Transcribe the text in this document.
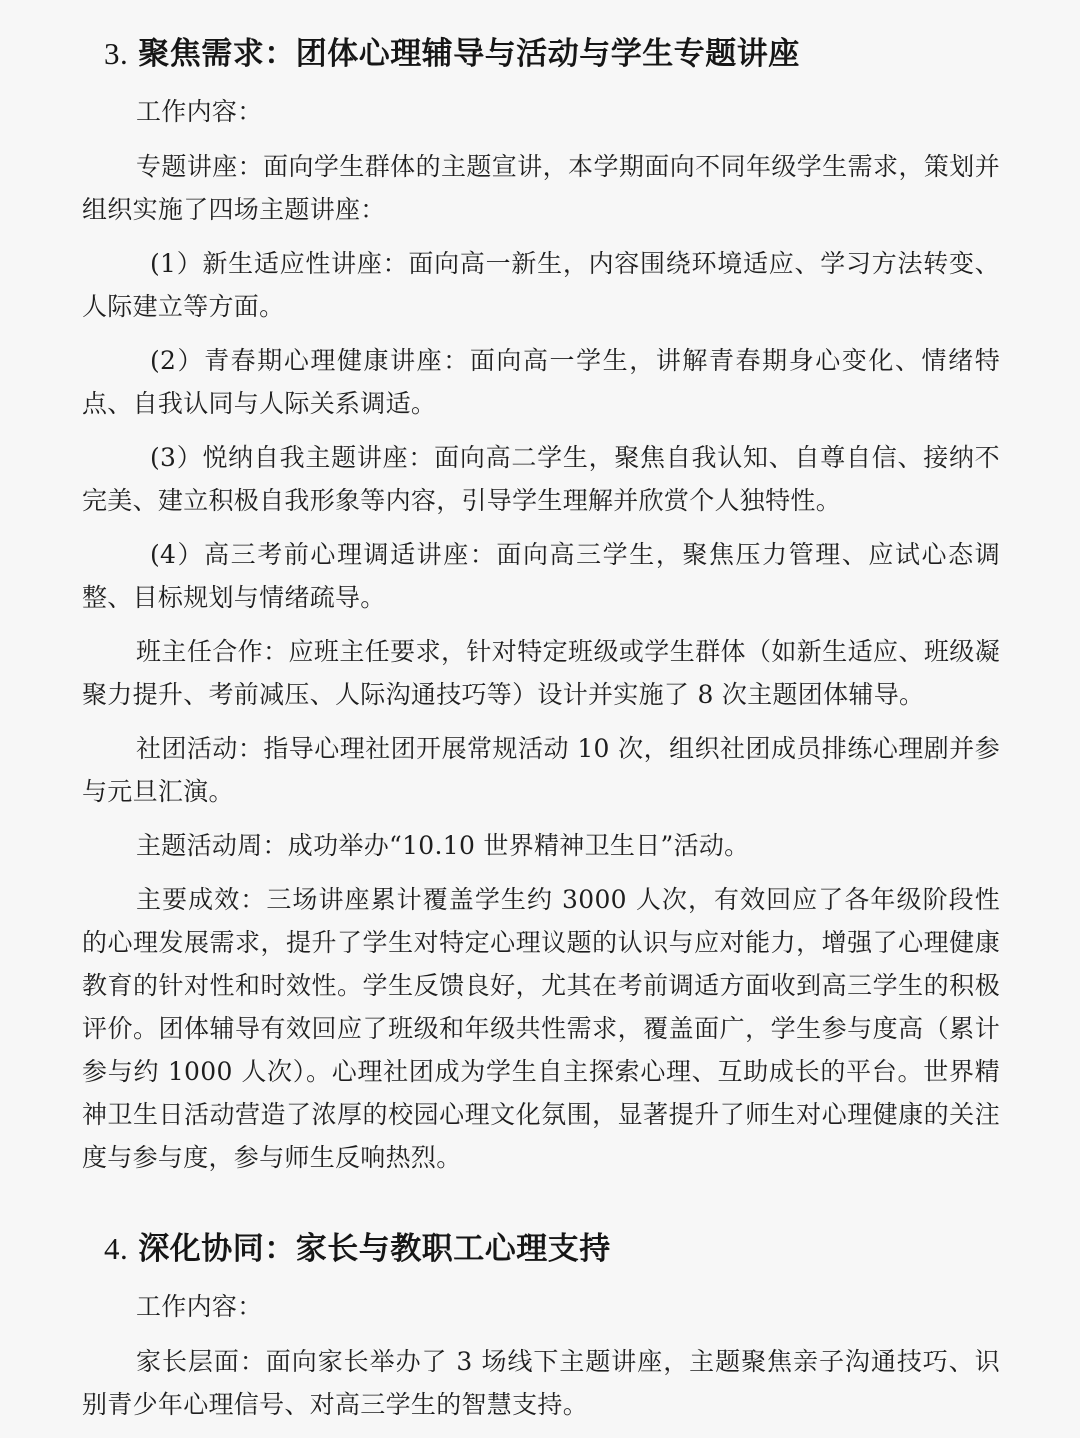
3. 聚焦需求：团体心理辅导与活动与学生专题讲座

工作内容：

专题讲座：面向学生群体的主题宣讲，本学期面向不同年级学生需求，策划并组织实施了四场主题讲座：

(1）新生适应性讲座：面向高一新生，内容围绕环境适应、学习方法转变、人际建立等方面。

(2）青春期心理健康讲座：面向高一学生，讲解青春期身心变化、情绪特点、自我认同与人际关系调适。

(3）悦纳自我主题讲座：面向高二学生，聚焦自我认知、自尊自信、接纳不完美、建立积极自我形象等内容，引导学生理解并欣赏个人独特性。

(4）高三考前心理调适讲座：面向高三学生，聚焦压力管理、应试心态调整、目标规划与情绪疏导。

班主任合作：应班主任要求，针对特定班级或学生群体（如新生适应、班级凝聚力提升、考前减压、人际沟通技巧等）设计并实施了 8 次主题团体辅导。

社团活动：指导心理社团开展常规活动 10 次，组织社团成员排练心理剧并参与元旦汇演。

主题活动周：成功举办“10.10 世界精神卫生日”活动。

主要成效：三场讲座累计覆盖学生约 3000 人次，有效回应了各年级阶段性的心理发展需求，提升了学生对特定心理议题的认识与应对能力，增强了心理健康教育的针对性和时效性。学生反馈良好，尤其在考前调适方面收到高三学生的积极评价。团体辅导有效回应了班级和年级共性需求，覆盖面广，学生参与度高（累计参与约 1000 人次）。心理社团成为学生自主探索心理、互助成长的平台。世界精神卫生日活动营造了浓厚的校园心理文化氛围，显著提升了师生对心理健康的关注度与参与度，参与师生反响热烈。

4. 深化协同：家长与教职工心理支持

工作内容：

家长层面：面向家长举办了 3 场线下主题讲座，主题聚焦亲子沟通技巧、识别青少年心理信号、对高三学生的智慧支持。
